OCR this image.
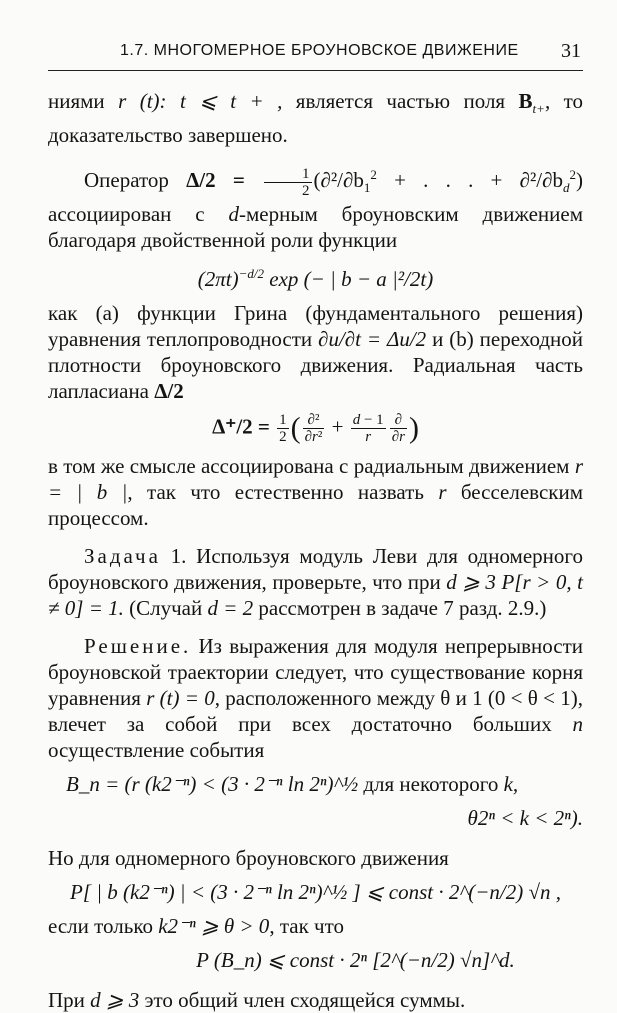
1.7. МНОГОМЕРНОЕ БРОУНОВСКОЕ ДВИЖЕНИЕ 31

ниями r (t): t ⩽ t + , является частью поля $B_{t+}$, то доказательство завершено.

Оператор $\Delta/2 = \frac{1}{2} (\partial^2/\partial b_1^2$ + . . . + $\partial^2/\partial b_d^2$) ассоциирован с d-мерным броуновским движением благодаря двойственной роли функции

$(2\pi t)^{-d/2}$ exp (− | b − a |²/2t)

как (а) функции Грина (фундаментального решения) уравнения теплопроводности ∂u/∂t = Δu/2 и (b) переходной плотности броуновского движения. Радиальная часть лапласиана Δ/2

$\Delta^+/2 = \frac{1}{2}$ ( $\frac{\text{∂²}}{\text{∂r²}} + \frac{d - 1}{r} \frac{\partial}{\partial r}$ )

в том же смысле ассоциирована с радиальным движением r = | b |, так что естественно назвать r бесселевским процессом.

Задача 1. Используя модуль Леви для одномерного броуновского движения, проверьте, что при d ⩾ 3 P[r > 0, t ≠ 0] = 1. (Случай d = 2 рассмотрен в задаче 7 разд. 2.9.)

Решение. Из выражения для модуля непрерывности броуновской траектории следует, что существование корня уравнения r (t) = 0, расположенного между θ и 1 (0 < θ < 1), влечет за собой при всех достаточно больших n осуществление события

B_n = (r (k2⁻ⁿ) < (3 · 2⁻ⁿ ln 2ⁿ)^½ для некоторого k,

θ2ⁿ < k < 2ⁿ).

Но для одномерного броуновского движения

P[ | b (k2⁻ⁿ) | < (3 · 2⁻ⁿ ln 2ⁿ)^½ ] ⩽ const · 2^(−n/2) √n ,

если только k2⁻ⁿ ⩾ θ > 0, так что

P (B_n) ⩽ const · 2ⁿ [2^(−n/2) √n]^d.

При d ⩾ 3 это общий член сходящейся суммы.
